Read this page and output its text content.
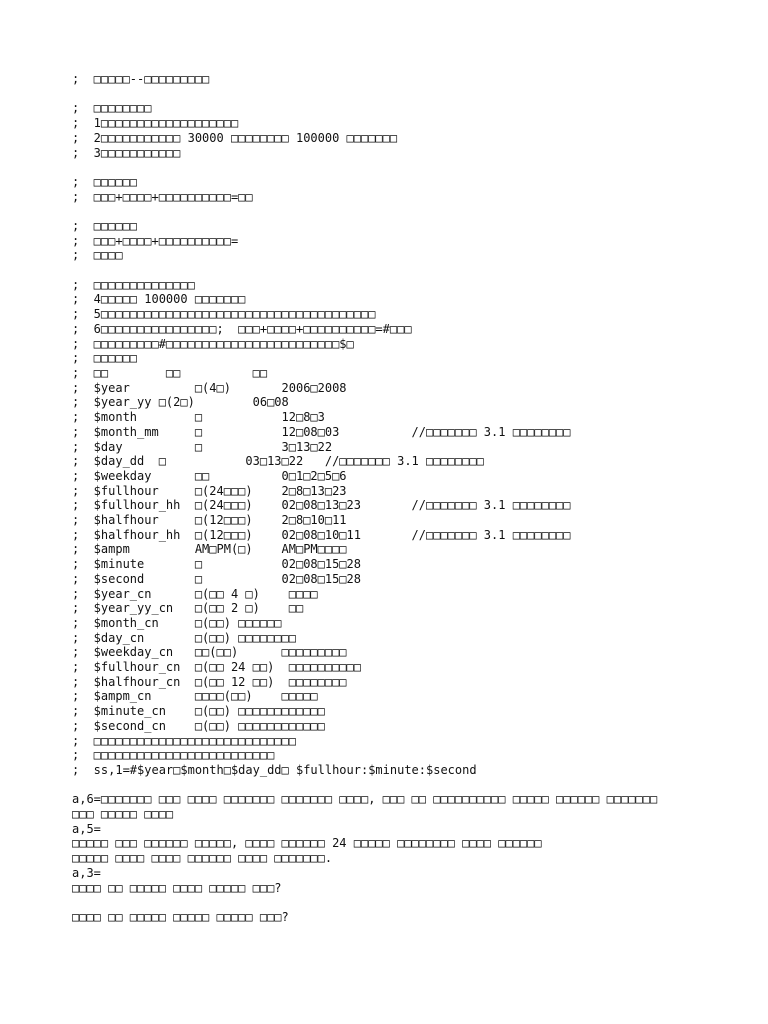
;  □□□□□--□□□□□□□□□
;  □□□□□□□□
;  1□□□□□□□□□□□□□□□□□□□
;  2□□□□□□□□□□□ 30000 □□□□□□□□ 100000 □□□□□□□
;  3□□□□□□□□□□□
;  □□□□□□
;  □□□+□□□□+□□□□□□□□□□=□□
;  □□□□□□
;  □□□+□□□□+□□□□□□□□□□=
;  □□□□
;  □□□□□□□□□□□□□□
;  4□□□□□ 100000 □□□□□□□
;  5□□□□□□□□□□□□□□□□□□□□□□□□□□□□□□□□□□□□□□
;  6□□□□□□□□□□□□□□□□;  □□□+□□□□+□□□□□□□□□□=#□□□
;  □□□□□□□□□#□□□□□□□□□□□□□□□□□□□□□□□□$□
;  □□□□□□
;  □□        □□          □□
;  $year         □(4□)       2006□2008
;  $year_yy □(2□)        06□08
;  $month        □           12□8□3
;  $month_mm     □           12□08□03          //□□□□□□□ 3.1 □□□□□□□□
;  $day          □           3□13□22
;  $day_dd  □           03□13□22   //□□□□□□□ 3.1 □□□□□□□□
;  $weekday      □□          0□1□2□5□6
;  $fullhour     □(24□□□)    2□8□13□23
;  $fullhour_hh  □(24□□□)    02□08□13□23       //□□□□□□□ 3.1 □□□□□□□□
;  $halfhour     □(12□□□)    2□8□10□11
;  $halfhour_hh  □(12□□□)    02□08□10□11       //□□□□□□□ 3.1 □□□□□□□□
;  $ampm         AM□PM(□)    AM□PM□□□□
;  $minute       □           02□08□15□28
;  $second       □           02□08□15□28
;  $year_cn      □(□□ 4 □)    □□□□
;  $year_yy_cn   □(□□ 2 □)    □□
;  $month_cn     □(□□) □□□□□□
;  $day_cn       □(□□) □□□□□□□□
;  $weekday_cn   □□(□□)      □□□□□□□□□
;  $fullhour_cn  □(□□ 24 □□)  □□□□□□□□□□
;  $halfhour_cn  □(□□ 12 □□)  □□□□□□□□
;  $ampm_cn      □□□□(□□)    □□□□□
;  $minute_cn    □(□□) □□□□□□□□□□□□
;  $second_cn    □(□□) □□□□□□□□□□□□
;  □□□□□□□□□□□□□□□□□□□□□□□□□□□□
;  □□□□□□□□□□□□□□□□□□□□□□□□□
;  ss,1=#$year□$month□$day_dd□ $fullhour:$minute:$second
a,6=□□□□□□□ □□□ □□□□ □□□□□□□ □□□□□□□ □□□□, □□□ □□ □□□□□□□□□□ □□□□□ □□□□□□ □□□□□□□
□□□ □□□□□ □□□□
a,5=
□□□□□ □□□ □□□□□□ □□□□□, □□□□ □□□□□□ 24 □□□□□ □□□□□□□□ □□□□ □□□□□□
□□□□□ □□□□ □□□□ □□□□□□ □□□□ □□□□□□□.
a,3=
□□□□ □□ □□□□□ □□□□ □□□□□ □□□?
□□□□ □□ □□□□□ □□□□□ □□□□□ □□□?
